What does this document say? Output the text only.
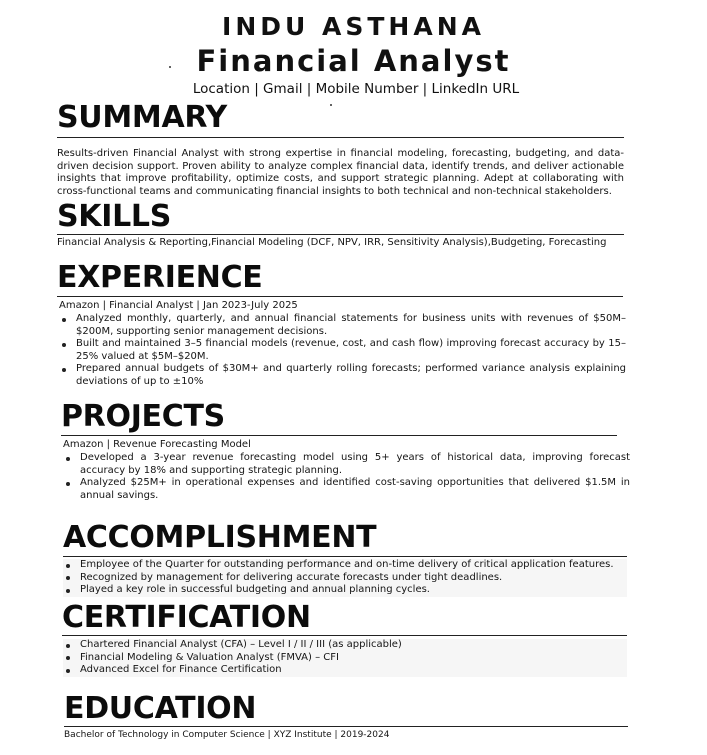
INDU ASTHANA
Financial Analyst
Location | Gmail | Mobile Number | LinkedIn URL
SUMMARY

Results-driven Financial Analyst with strong expertise in financial modeling, forecasting, budgeting, and data-driven decision support. Proven ability to analyze complex financial data, identify trends, and deliver actionable insights that improve profitability, optimize costs, and support strategic planning. Adept at collaborating with cross-functional teams and communicating financial insights to both technical and non-technical stakeholders.

SKILLS

Financial Analysis & Reporting,Financial Modeling (DCF, NPV, IRR, Sensitivity Analysis),Budgeting, Forecasting

EXPERIENCE

Amazon | Financial Analyst | Jan 2023-July 2025

Analyzed monthly, quarterly, and annual financial statements for business units with revenues of $50M–$200M, supporting senior management decisions.
Built and maintained 3–5 financial models (revenue, cost, and cash flow) improving forecast accuracy by 15–25% valued at $5M–$20M.
Prepared annual budgets of $30M+ and quarterly rolling forecasts; performed variance analysis explaining deviations of up to ±10%
PROJECTS

Amazon | Revenue Forecasting Model

Developed a 3-year revenue forecasting model using 5+ years of historical data, improving forecast accuracy by 18% and supporting strategic planning.
Analyzed $25M+ in operational expenses and identified cost-saving opportunities that delivered $1.5M in annual savings.
ACCOMPLISHMENT
Employee of the Quarter for outstanding performance and on-time delivery of critical application features.
Recognized by management for delivering accurate forecasts under tight deadlines.
Played a key role in successful budgeting and annual planning cycles.
CERTIFICATION
Chartered Financial Analyst (CFA) – Level I / II / III (as applicable)
Financial Modeling & Valuation Analyst (FMVA) – CFI
Advanced Excel for Finance Certification
EDUCATION

Bachelor of Technology in Computer Science | XYZ Institute | 2019-2024
